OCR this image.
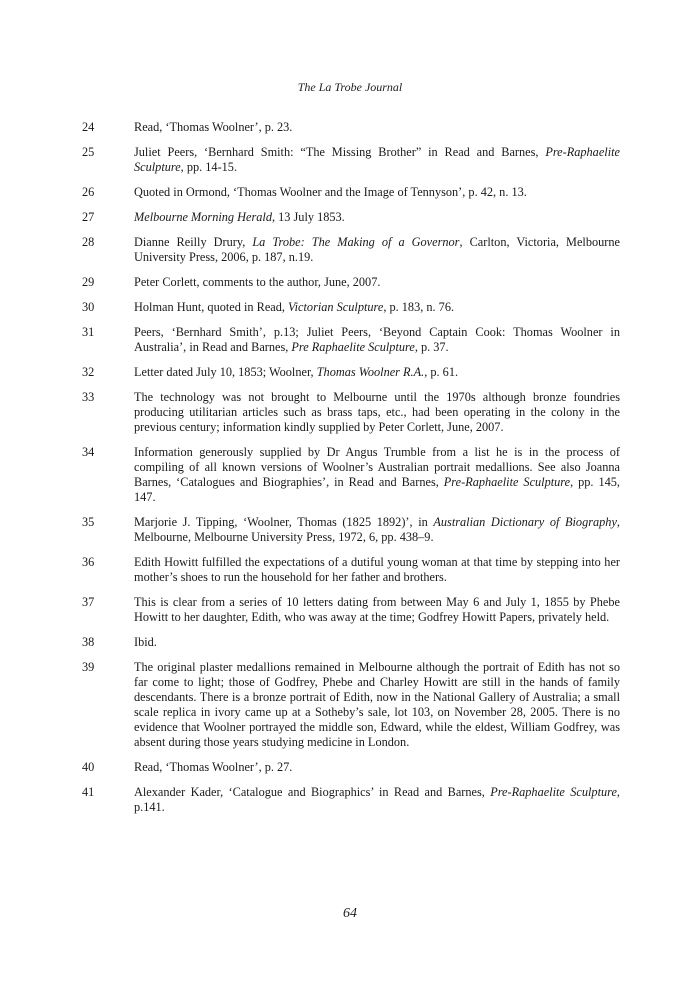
The La Trobe Journal
24	Read, ‘Thomas Woolner’, p. 23.
25	Juliet Peers, ‘Bernhard Smith: “The Missing Brother” in Read and Barnes, Pre-Raphaelite Sculpture, pp. 14-15.
26	Quoted in Ormond, ‘Thomas Woolner and the Image of Tennyson’, p. 42, n. 13.
27	Melbourne Morning Herald, 13 July 1853.
28	Dianne Reilly Drury, La Trobe: The Making of a Governor, Carlton, Victoria, Melbourne University Press, 2006, p. 187, n.19.
29	Peter Corlett, comments to the author, June, 2007.
30	Holman Hunt, quoted in Read, Victorian Sculpture, p. 183, n. 76.
31	Peers, ‘Bernhard Smith’, p.13; Juliet Peers, ‘Beyond Captain Cook: Thomas Woolner in Australia’, in Read and Barnes, Pre Raphaelite Sculpture, p. 37.
32	Letter dated July 10, 1853; Woolner, Thomas Woolner R.A., p. 61.
33	The technology was not brought to Melbourne until the 1970s although bronze foundries producing utilitarian articles such as brass taps, etc., had been operating in the colony in the previous century; information kindly supplied by Peter Corlett, June, 2007.
34	Information generously supplied by Dr Angus Trumble from a list he is in the process of compiling of all known versions of Woolner’s Australian portrait medallions. See also Joanna Barnes, ‘Catalogues and Biographies’, in Read and Barnes, Pre-Raphaelite Sculpture, pp. 145, 147.
35	Marjorie J. Tipping, ‘Woolner, Thomas (1825 1892)’, in Australian Dictionary of Biography, Melbourne, Melbourne University Press, 1972, 6, pp. 438–9.
36	Edith Howitt fulfilled the expectations of a dutiful young woman at that time by stepping into her mother’s shoes to run the household for her father and brothers.
37	This is clear from a series of 10 letters dating from between May 6 and July 1, 1855 by Phebe Howitt to her daughter, Edith, who was away at the time; Godfrey Howitt Papers, privately held.
38	Ibid.
39	The original plaster medallions remained in Melbourne although the portrait of Edith has not so far come to light; those of Godfrey, Phebe and Charley Howitt are still in the hands of family descendants. There is a bronze portrait of Edith, now in the National Gallery of Australia; a small scale replica in ivory came up at a Sotheby’s sale, lot 103, on November 28, 2005. There is no evidence that Woolner portrayed the middle son, Edward, while the eldest, William Godfrey, was absent during those years studying medicine in London.
40	Read, ‘Thomas Woolner’, p. 27.
41	Alexander Kader, ‘Catalogue and Biographics’ in Read and Barnes, Pre-Raphaelite Sculpture, p.141.
64
